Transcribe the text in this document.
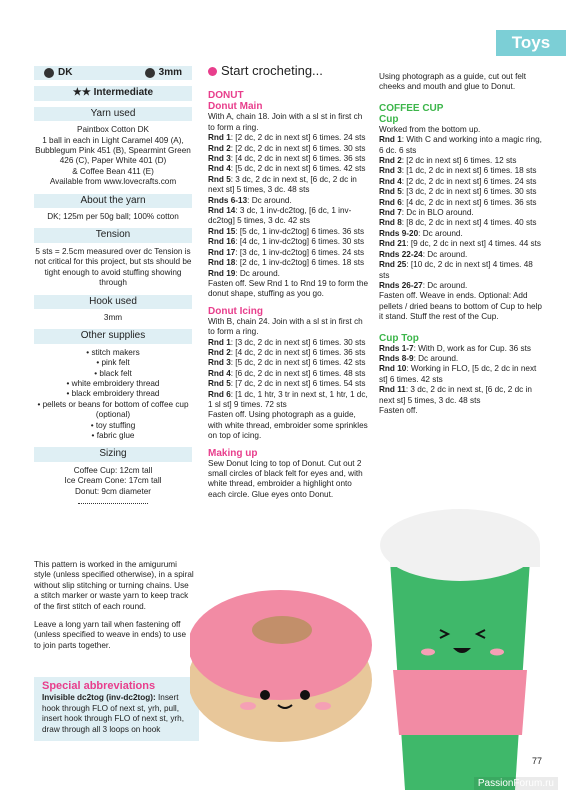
Toys
DK	3mm
★★ Intermediate
Yarn used

Paintbox Cotton DK

1 ball in each in Light Caramel 409 (A),

Bubblegum Pink 451 (B), Spearmint Green

426 (C), Paper White 401 (D)

& Coffee Bean 411 (E)

Available from www.lovecrafts.com

About the yarn

DK; 125m per 50g ball; 100% cotton

Tension

5 sts = 2.5cm measured over dc Tension is not critical for this project, but sts should be tight enough to avoid stuffing showing through

Hook used

3mm

Other supplies
• stitch makers
• pink felt
• black felt
• white embroidery thread
• black embroidery thread
• pellets or beans for bottom of coffee cup (optional)
• toy stuffing
• fabric glue
Sizing

Coffee Cup: 12cm tall

Ice Cream Cone: 17cm tall

Donut: 9cm diameter

This pattern is worked in the amigurumi style (unless specified otherwise), in a spiral without slip stitching or turning chains. Use a stitch marker or waste yarn to keep track of the first stitch of each round.

Leave a long yarn tail when fastening off (unless specified to weave in ends) to use to join parts together.

Special abbreviations
Invisible dc2tog (inv-dc2tog): Insert hook through FLO of next st, yrh, pull, insert hook through FLO of next st, yrh, draw through all 3 loops on hook
Start crocheting...
DONUT
Donut Main

With A, chain 18. Join with a sl st in first ch to form a ring.

Rnd 1: [2 dc, 2 dc in next st] 6 times. 24 sts
Rnd 2: [2 dc, 2 dc in next st] 6 times. 30 sts
Rnd 3: [4 dc, 2 dc in next st] 6 times. 36 sts
Rnd 4: [5 dc, 2 dc in next st] 6 times. 42 sts
Rnd 5: 3 dc, 2 dc in next st, [6 dc, 2 dc in next st] 5 times, 3 dc. 48 sts
Rnds 6-13: Dc around.
Rnd 14: 3 dc, 1 inv-dc2tog, [6 dc, 1 inv-dc2tog] 5 times, 3 dc. 42 sts
Rnd 15: [5 dc, 1 inv-dc2tog] 6 times. 36 sts
Rnd 16: [4 dc, 1 inv-dc2tog] 6 times. 30 sts
Rnd 17: [3 dc, 1 inv-dc2tog] 6 times. 24 sts
Rnd 18: [2 dc, 1 inv-dc2tog] 6 times. 18 sts
Rnd 19: Dc around.

Fasten off. Sew Rnd 1 to Rnd 19 to form the donut shape, stuffing as you go.

Donut Icing

With B, chain 24. Join with a sl st in first ch to form a ring.

Rnd 1: [3 dc, 2 dc in next st] 6 times. 30 sts
Rnd 2: [4 dc, 2 dc in next st] 6 times. 36 sts
Rnd 3: [5 dc, 2 dc in next st] 6 times. 42 sts
Rnd 4: [6 dc, 2 dc in next st] 6 times. 48 sts
Rnd 5: [7 dc, 2 dc in next st] 6 times. 54 sts
Rnd 6: [1 dc, 1 htr, 3 tr in next st, 1 htr, 1 dc, 1 sl st] 9 times. 72 sts

Fasten off. Using photograph as a guide, with white thread, embroider some sprinkles on top of icing.

Making up

Sew Donut Icing to top of Donut. Cut out 2 small circles of black felt for eyes and, with white thread, embroider a highlight onto each circle. Glue eyes onto Donut.

Using photograph as a guide, cut out felt cheeks and mouth and glue to Donut.

COFFEE CUP
Cup

Worked from the bottom up.

Rnd 1: With C and working into a magic ring, 6 dc. 6 sts
Rnd 2: [2 dc in next st] 6 times. 12 sts
Rnd 3: [1 dc, 2 dc in next st] 6 times. 18 sts
Rnd 4: [2 dc, 2 dc in next st] 6 times. 24 sts
Rnd 5: [3 dc, 2 dc in next st] 6 times. 30 sts
Rnd 6: [4 dc, 2 dc in next st] 6 times. 36 sts
Rnd 7: Dc in BLO around.
Rnd 8: [8 dc, 2 dc in next st] 4 times. 40 sts
Rnds 9-20: Dc around.
Rnd 21: [9 dc, 2 dc in next st] 4 times. 44 sts
Rnds 22-24: Dc around.
Rnd 25: [10 dc, 2 dc in next st] 4 times. 48 sts
Rnds 26-27: Dc around.

Fasten off. Weave in ends. Optional: Add pellets / dried beans to bottom of Cup to help it stand. Stuff the rest of the Cup.

Cup Top
Rnds 1-7: With D, work as for Cup. 36 sts
Rnds 8-9: Dc around.
Rnd 10: Working in FLO, [5 dc, 2 dc in next st] 6 times. 42 sts
Rnd 11: 3 dc, 2 dc in next st, [6 dc, 2 dc in next st] 5 times, 3 dc. 48 sts

Fasten off.

77
PassionForum.ru
